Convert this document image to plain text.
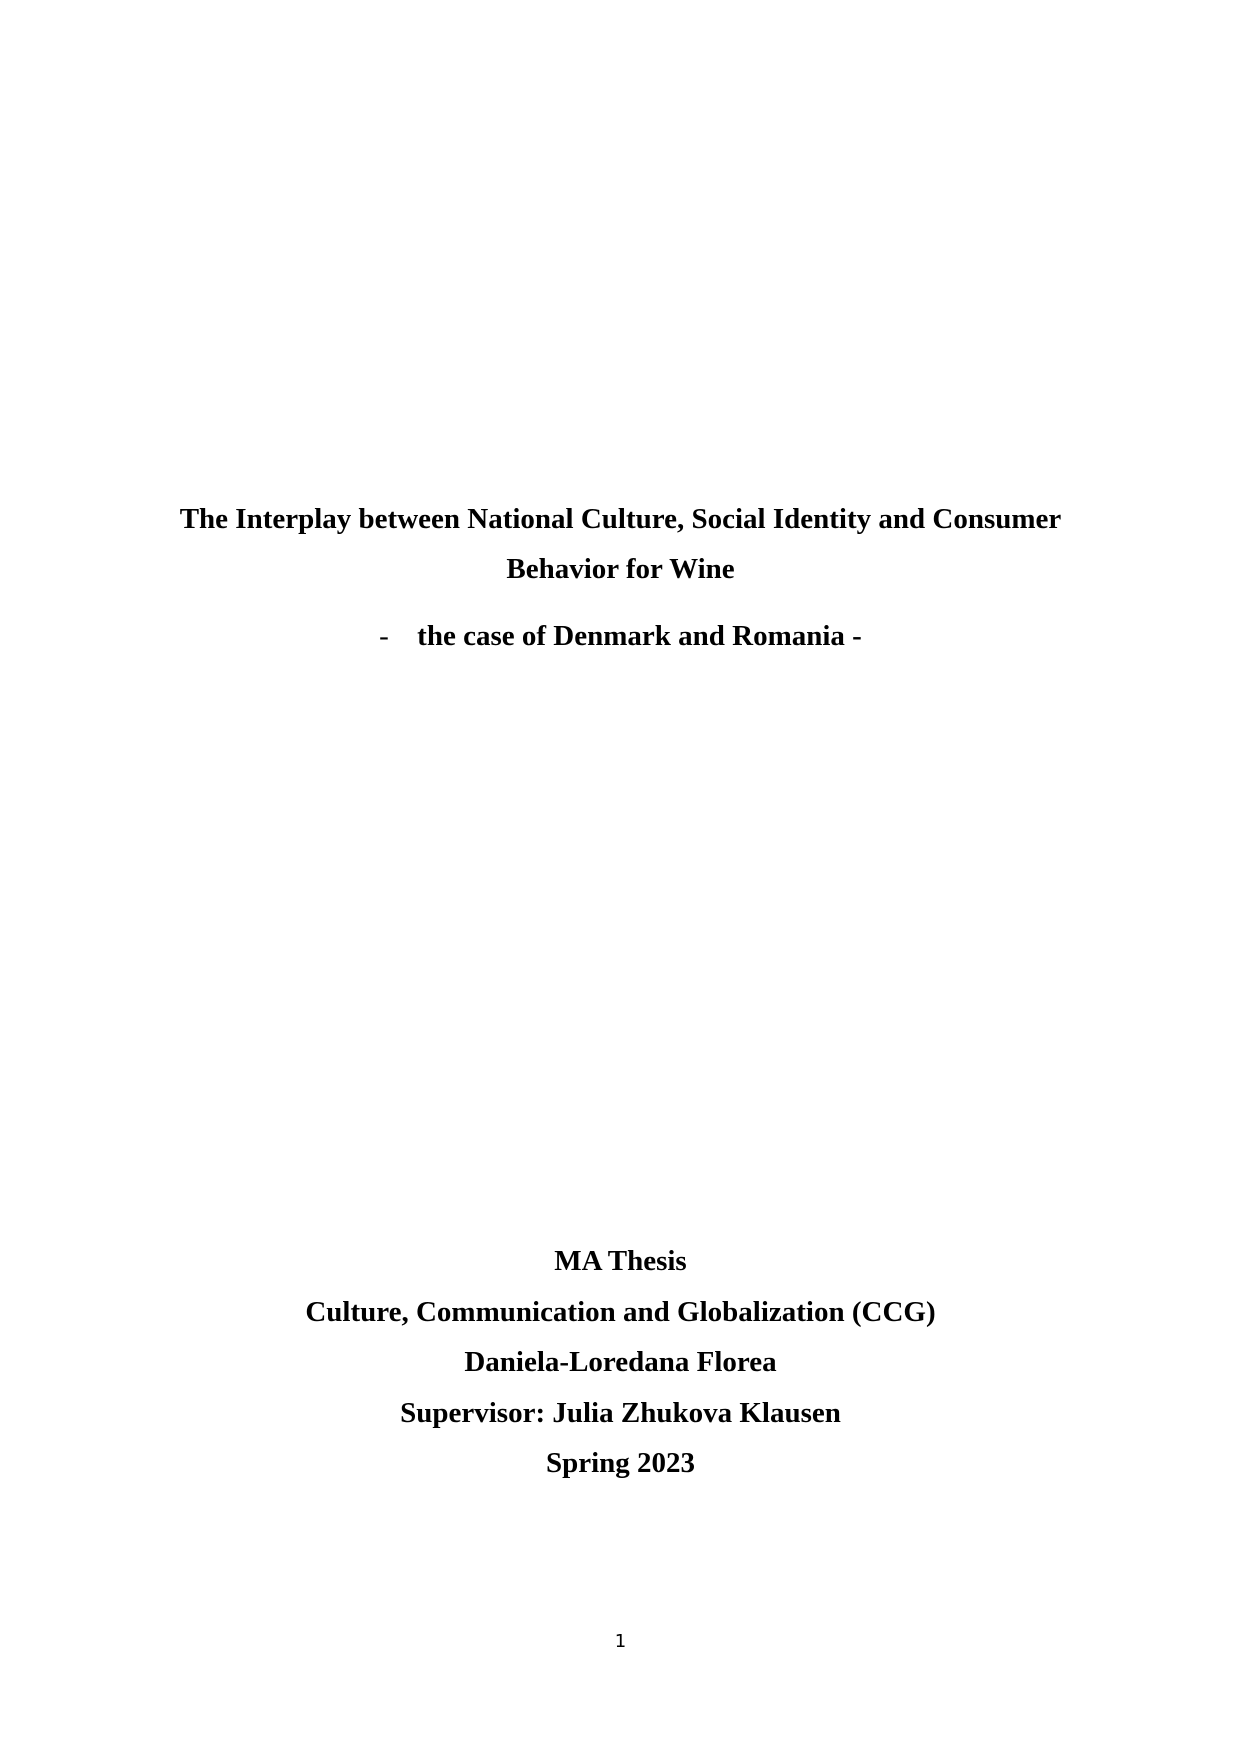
The Interplay between National Culture, Social Identity and Consumer

Behavior for Wine

- the case of Denmark and Romania -

MA Thesis

Culture, Communication and Globalization (CCG)

Daniela-Loredana Florea

Supervisor: Julia Zhukova Klausen

Spring 2023

1
